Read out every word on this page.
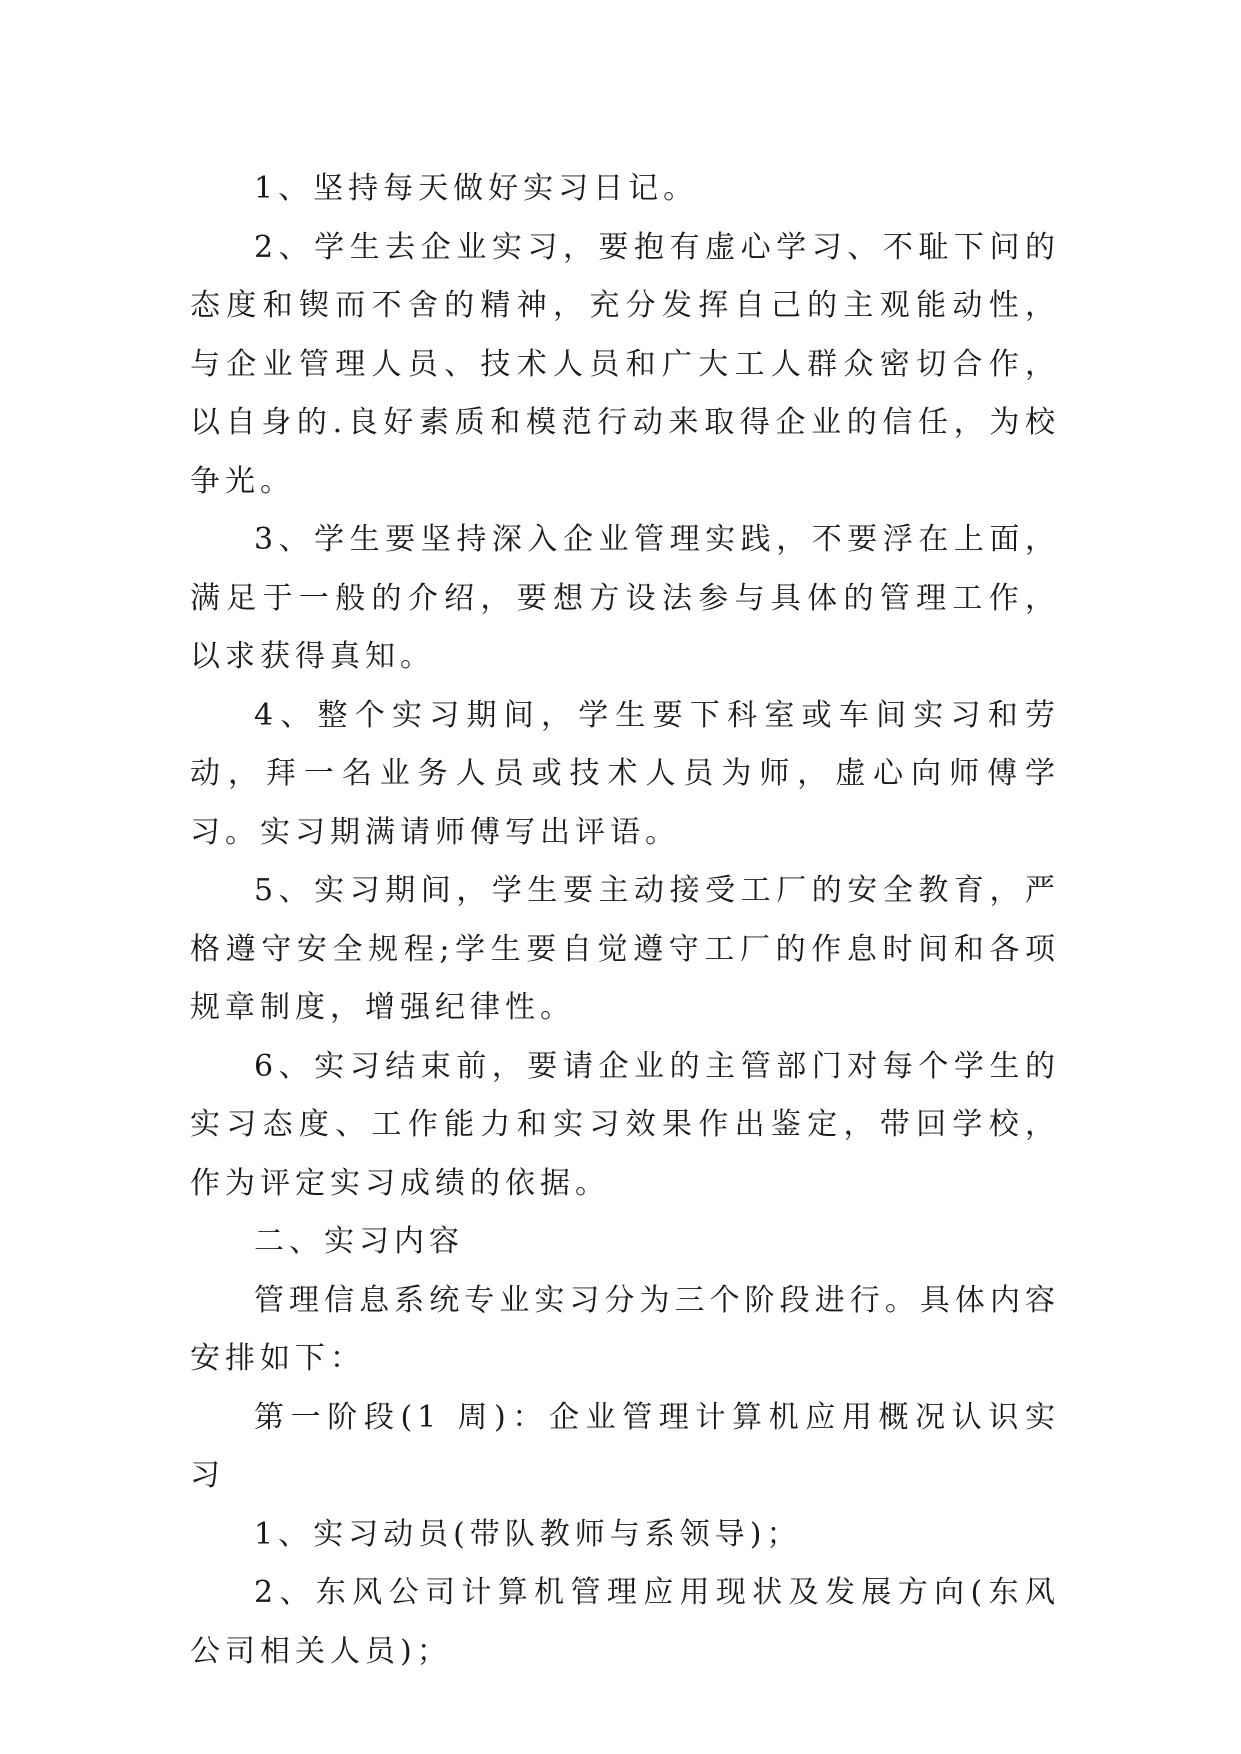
1、坚持每天做好实习日记。

2、学生去企业实习，要抱有虚心学习、不耻下问的态度和锲而不舍的精神，充分发挥自己的主观能动性，与企业管理人员、技术人员和广大工人群众密切合作，以自身的.良好素质和模范行动来取得企业的信任，为校争光。

3、学生要坚持深入企业管理实践，不要浮在上面，满足于一般的介绍，要想方设法参与具体的管理工作，以求获得真知。

4、整个实习期间，学生要下科室或车间实习和劳动，拜一名业务人员或技术人员为师，虚心向师傅学习。实习期满请师傅写出评语。

5、实习期间，学生要主动接受工厂的安全教育，严格遵守安全规程;学生要自觉遵守工厂的作息时间和各项规章制度，增强纪律性。

6、实习结束前，要请企业的主管部门对每个学生的实习态度、工作能力和实习效果作出鉴定，带回学校，作为评定实习成绩的依据。

二、实习内容

管理信息系统专业实习分为三个阶段进行。具体内容安排如下：

第一阶段(1 周)：企业管理计算机应用概况认识实习

1、实习动员(带队教师与系领导)；

2、东风公司计算机管理应用现状及发展方向(东风公司相关人员)；
